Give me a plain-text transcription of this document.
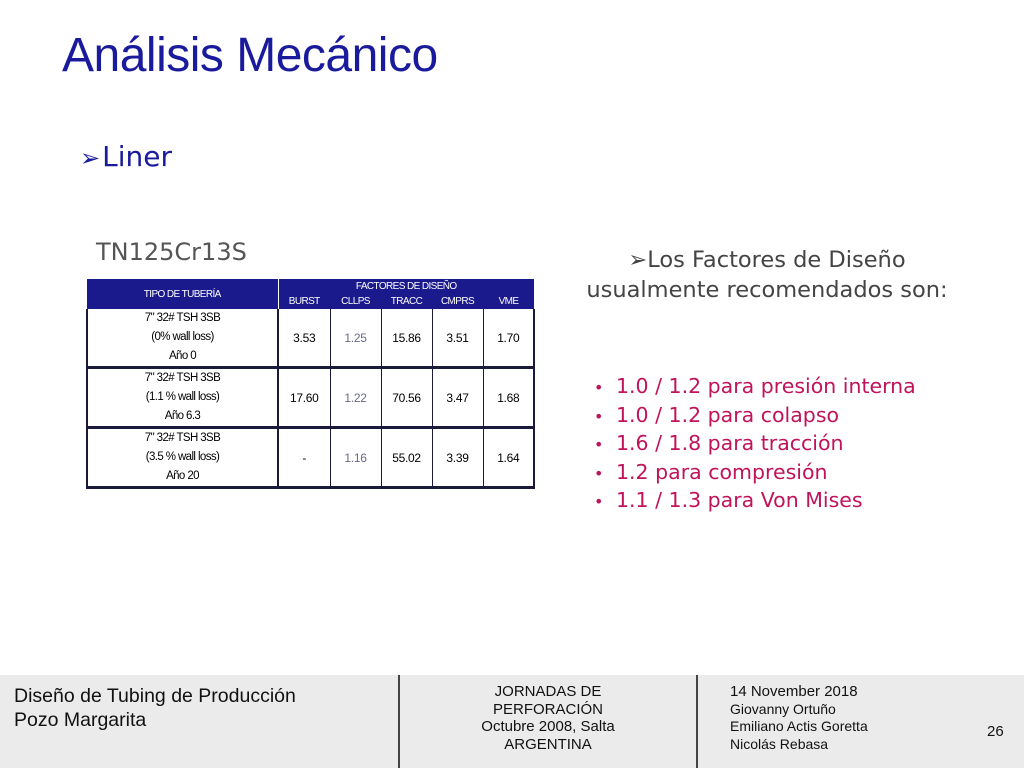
Análisis Mecánico
➢Liner
TN125Cr13S
TIPO DE TUBERÍA	FACTORES DE DISEÑO				
	BURST	CLLPS	TRACC	CMPRS	VME

7" 32# TSH 3SB
(0% wall loss)
Año 0	3.53	1.25	15.86	3.51	1.70

7" 32# TSH 3SB
(1.1 % wall loss)
Año 6.3	17.60	1.22	70.56	3.47	1.68

7" 32# TSH 3SB
(3.5 % wall loss)
Año 20	-	1.16	55.02	3.39	1.64
➢Los Factores de Diseño usualmente recomendados son:
• 1.0 / 1.2 para presión interna
• 1.0 / 1.2 para colapso
• 1.6 / 1.8 para tracción
• 1.2 para compresión
• 1.1 / 1.3 para Von Mises
Diseño de Tubing de Producción
Pozo Margarita
JORNADAS DE
PERFORACIÓN
Octubre 2008, Salta
ARGENTINA
14 November 2018
Giovanny Ortuño
Emiliano Actis Goretta
Nicolás Rebasa
26
